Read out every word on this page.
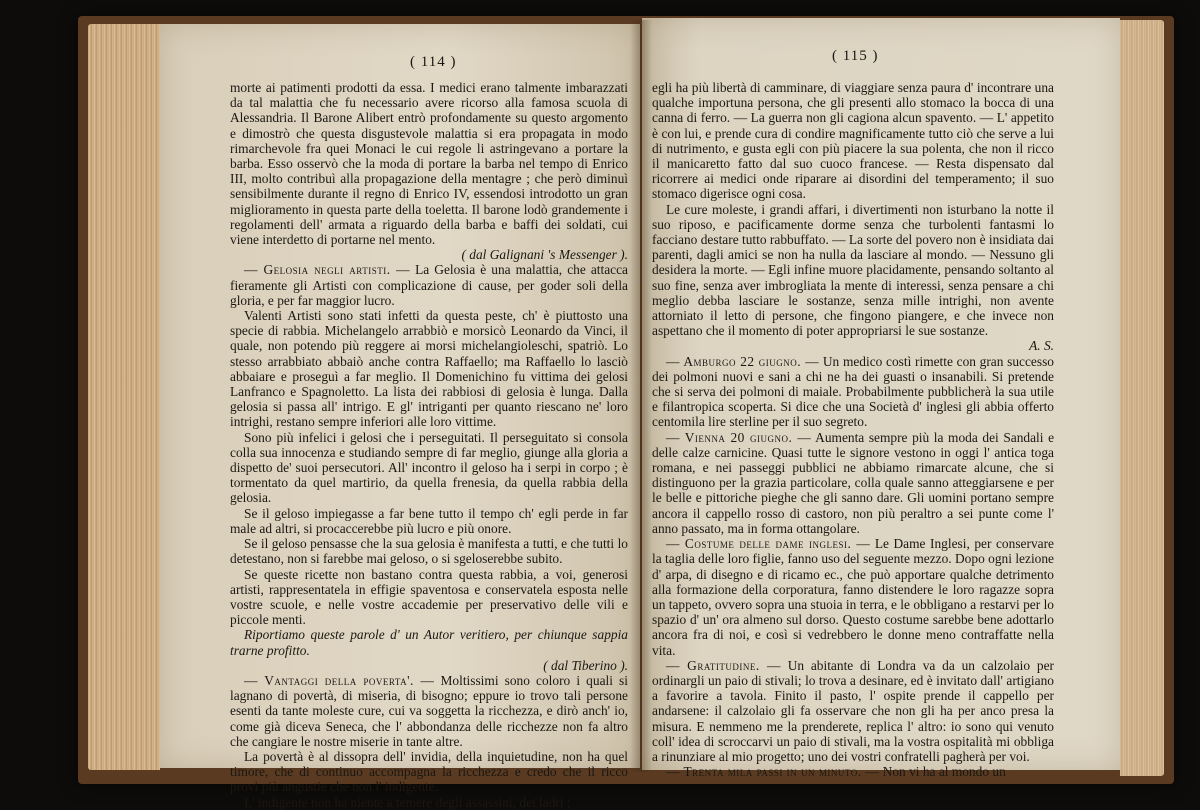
( 114 )

morte ai patimenti prodotti da essa. I medici erano talmente imbarazzati da tal malattia che fu necessario avere ricorso alla famosa scuola di Alessandria. Il Barone Alibert entrò profondamente su questo argomento e dimostrò che questa disgustevole malattia si era propagata in modo rimarchevole fra quei Monaci le cui regole li astringevano a portare la barba. Esso osservò che la moda di portare la barba nel tempo di Enrico III, molto contribuì alla propagazione della mentagre ; che però diminuì sensibilmente durante il regno di Enrico IV, essendosi introdotto un gran miglioramento in questa parte della toeletta. Il barone lodò grandemente i regolamenti dell' armata a riguardo della barba e baffi dei soldati, cui viene interdetto di portarne nel mento.

( dal Galignani 's Messenger ).

— Gelosia negli artisti. — La Gelosia è una malattia, che attacca fieramente gli Artisti con complicazione di cause, per goder soli della gloria, e per far maggior lucro.

Valenti Artisti sono stati infetti da questa peste, ch' è piuttosto una specie di rabbia. Michelangelo arrabbiò e morsicò Leonardo da Vinci, il quale, non potendo più reggere ai morsi michelangioleschi, spatriò. Lo stesso arrabbiato abbaiò anche contra Raffaello; ma Raffaello lo lasciò abbaiare e proseguì a far meglio. Il Domenichino fu vittima dei gelosi Lanfranco e Spagnoletto. La lista dei rabbiosi di gelosia è lunga. Dalla gelosia si passa all' intrigo. E gl' intriganti per quanto riescano ne' loro intrighi, restano sempre inferiori alle loro vittime.

Sono più infelici i gelosi che i perseguitati. Il perseguitato si consola colla sua innocenza e studiando sempre di far meglio, giunge alla gloria a dispetto de' suoi persecutori. All' incontro il geloso ha i serpi in corpo ; è tormentato da quel martirio, da quella frenesia, da quella rabbia della gelosia.

Se il geloso impiegasse a far bene tutto il tempo ch' egli perde in far male ad altri, si procaccerebbe più lucro e più onore.

Se il geloso pensasse che la sua gelosia è manifesta a tutti, e che tutti lo detestano, non si farebbe mai geloso, o si sgeloserebbe subito.

Se queste ricette non bastano contra questa rabbia, a voi, generosi artisti, rappresentatela in effigie spaventosa e conservatela esposta nelle vostre scuole, e nelle vostre accademie per preservativo delle vili e piccole menti.

Riportiamo queste parole d' un Autor veritiero, per chiunque sappia trarne profitto.

( dal Tiberino ).

— Vantaggi della poverta'. — Moltissimi sono coloro i quali si lagnano di povertà, di miseria, di bisogno; eppure io trovo tali persone esenti da tante moleste cure, cui va soggetta la ricchezza, e dirò anch' io, come già diceva Seneca, che l' abbondanza delle ricchezze non fa altro che cangiare le nostre miserie in tante altre.

La povertà è al dissopra dell' invidia, della inquietudine, non ha quel timore, che di continuo accompagna la ricchezza e credo che il ricco provi più angustie che non l' indigente.

L' indigente non ha niente a temere degli assassini, dei ladri ;

( 115 )

egli ha più libertà di camminare, di viaggiare senza paura d' incontrare una qualche importuna persona, che gli presenti allo stomaco la bocca di una canna di ferro. — La guerra non gli cagiona alcun spavento. — L' appetito è con lui, e prende cura di condire magnificamente tutto ciò che serve a lui di nutrimento, e gusta egli con più piacere la sua polenta, che non il ricco il manicaretto fatto dal suo cuoco francese. — Resta dispensato dal ricorrere ai medici onde riparare ai disordini del temperamento; il suo stomaco digerisce ogni cosa.

Le cure moleste, i grandi affari, i divertimenti non isturbano la notte il suo riposo, e pacificamente dorme senza che turbolenti fantasmi lo facciano destare tutto rabbuffato. — La sorte del povero non è insidiata dai parenti, dagli amici se non ha nulla da lasciare al mondo. — Nessuno gli desidera la morte. — Egli infine muore placidamente, pensando soltanto al suo fine, senza aver imbrogliata la mente di interessi, senza pensare a chi meglio debba lasciare le sostanze, senza mille intrighi, non avente attorniato il letto di persone, che fingono piangere, e che invece non aspettano che il momento di poter appropriarsi le sue sostanze.

A. S.

— Amburgo 22 giugno. — Un medico costì rimette con gran successo dei polmoni nuovi e sani a chi ne ha dei guasti o insanabili. Si pretende che si serva dei polmoni di maiale. Probabilmente pubblicherà la sua utile e filantropica scoperta. Si dice che una Società d' inglesi gli abbia offerto centomila lire sterline per il suo segreto.

— Vienna 20 giugno. — Aumenta sempre più la moda dei Sandali e delle calze carnicine. Quasi tutte le signore vestono in oggi l' antica toga romana, e nei passeggi pubblici ne abbiamo rimarcate alcune, che si distinguono per la grazia particolare, colla quale sanno atteggiarsene e per le belle e pittoriche pieghe che gli sanno dare. Gli uomini portano sempre ancora il cappello rosso di castoro, non più peraltro a sei punte come l' anno passato, ma in forma ottangolare.

— Costume delle dame inglesi. — Le Dame Inglesi, per conservare la taglia delle loro figlie, fanno uso del seguente mezzo. Dopo ogni lezione d' arpa, di disegno e di ricamo ec., che può apportare qualche detrimento alla formazione della corporatura, fanno distendere le loro ragazze sopra un tappeto, ovvero sopra una stuoia in terra, e le obbligano a restarvi per lo spazio d' un' ora almeno sul dorso. Questo costume sarebbe bene adottarlo ancora fra di noi, e così si vedrebbero le donne meno contraffatte nella vita.

— Gratitudine. — Un abitante di Londra va da un calzolaio per ordinargli un paio di stivali; lo trova a desinare, ed è invitato dall' artigiano a favorire a tavola. Finito il pasto, l' ospite prende il cappello per andarsene: il calzolaio gli fa osservare che non gli ha per anco presa la misura. E nemmeno me la prenderete, replica l' altro: io sono qui venuto coll' idea di scroccarvi un paio di stivali, ma la vostra ospitalità mi obbliga a rinunziare al mio progetto; uno dei vostri confratelli pagherà per voi.

— Trenta mila passi in un minuto. — Non vi ha al mondo un
